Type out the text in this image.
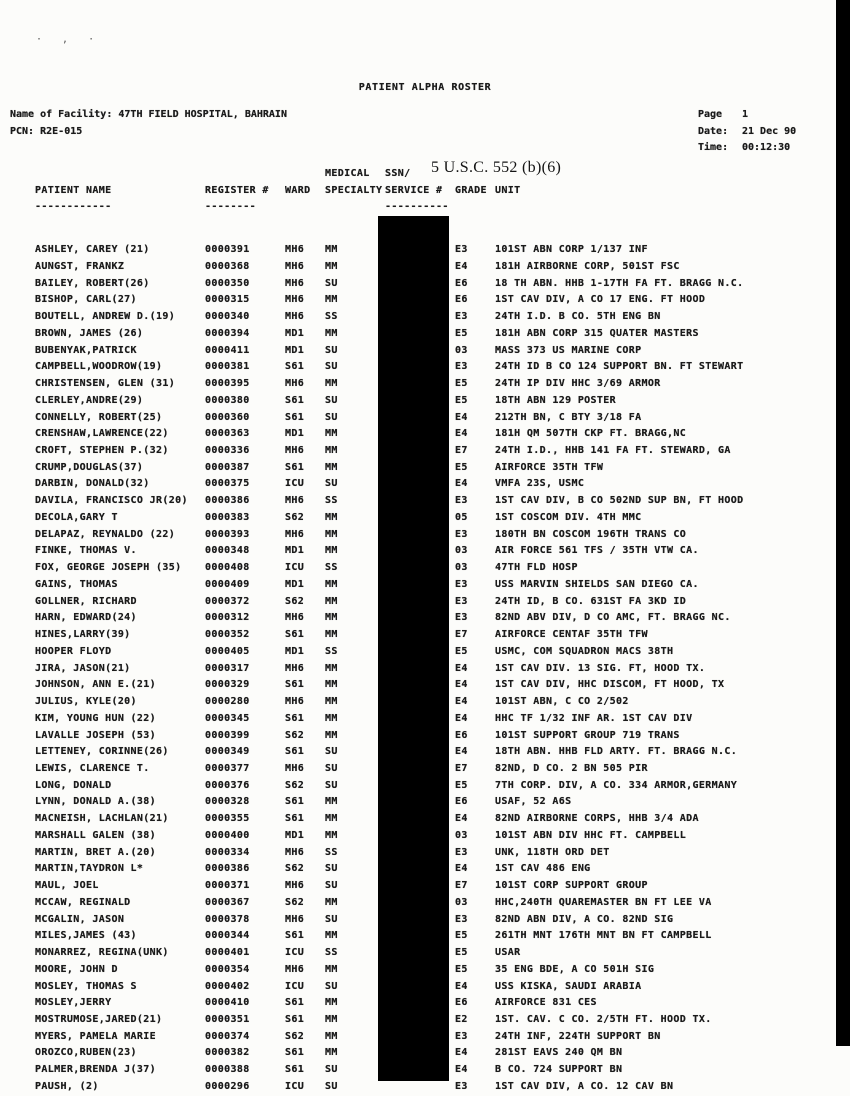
· , ·
PATIENT ALPHA ROSTER
Name of Facility: 47TH FIELD HOSPITAL, BAHRAIN
PCN: R2E-015
Page 1
Date: 21 Dec 90
Time: 00:12:30
5 U.S.C. 552 (b)(6)
MEDICAL	SSN/
PATIENT NAME	REGISTER #	WARD	SPECIALTY SERVICE #	GRADE UNIT
------------	--------	----------
ASHLEY, CAREY (21)	0000391	MH6	MM	E3	101ST ABN CORP 1/137 INF
AUNGST, FRANKZ	0000368	MH6	MM	E4	181H AIRBORNE CORP, 501ST FSC
BAILEY, ROBERT(26)	0000350	MH6	SU	E6	18 TH ABN. HHB 1-17TH FA FT. BRAGG N.C.
BISHOP, CARL(27)	0000315	MH6	MM	E6	1ST CAV DIV, A CO 17 ENG. FT HOOD
BOUTELL, ANDREW D.(19)	0000340	MH6	SS	E3	24TH I.D. B CO. 5TH ENG BN
BROWN, JAMES (26)	0000394	MD1	MM	E5	181H ABN CORP 315 QUATER MASTERS
BUBENYAK,PATRICK	0000411	MD1	SU	03	MASS 373 US MARINE CORP
CAMPBELL,WOODROW(19)	0000381	S61	SU	E3	24TH ID B CO 124 SUPPORT BN. FT STEWART
CHRISTENSEN, GLEN (31)	0000395	MH6	MM	E5	24TH IP DIV HHC 3/69 ARMOR
CLERLEY,ANDRE(29)	0000380	S61	SU	E5	18TH ABN 129 POSTER
CONNELLY, ROBERT(25)	0000360	S61	SU	E4	212TH BN, C BTY 3/18 FA
CRENSHAW,LAWRENCE(22)	0000363	MD1	MM	E4	181H QM 507TH CKP FT. BRAGG,NC
CROFT, STEPHEN P.(32)	0000336	MH6	MM	E7	24TH I.D., HHB 141 FA FT. STEWARD, GA
CRUMP,DOUGLAS(37)	0000387	S61	MM	E5	AIRFORCE 35TH TFW
DARBIN, DONALD(32)	0000375	ICU	SU	E4	VMFA 23S, USMC
DAVILA, FRANCISCO JR(20)	0000386	MH6	SS	E3	1ST CAV DIV, B CO 502ND SUP BN, FT HOOD
DECOLA,GARY T	0000383	S62	MM	05	1ST COSCOM DIV. 4TH MMC
DELAPAZ, REYNALDO (22)	0000393	MH6	MM	E3	180TH BN COSCOM 196TH TRANS CO
FINKE, THOMAS V.	0000348	MD1	MM	03	AIR FORCE 561 TFS / 35TH VTW CA.
FOX, GEORGE JOSEPH (35)	0000408	ICU	SS	03	47TH FLD HOSP
GAINS, THOMAS	0000409	MD1	MM	E3	USS MARVIN SHIELDS SAN DIEGO CA.
GOLLNER, RICHARD	0000372	S62	MM	E3	24TH ID, B CO. 631ST FA 3KD ID
HARN, EDWARD(24)	0000312	MH6	MM	E3	82ND ABV DIV, D CO AMC, FT. BRAGG NC.
HINES,LARRY(39)	0000352	S61	MM	E7	AIRFORCE CENTAF 35TH TFW
HOOPER FLOYD	0000405	MD1	SS	E5	USMC, COM SQUADRON MACS 38TH
JIRA, JASON(21)	0000317	MH6	MM	E4	1ST CAV DIV. 13 SIG. FT, HOOD TX.
JOHNSON, ANN E.(21)	0000329	S61	MM	E4	1ST CAV DIV, HHC DISCOM, FT HOOD, TX
JULIUS, KYLE(20)	0000280	MH6	MM	E4	101ST ABN, C CO 2/502
KIM, YOUNG HUN (22)	0000345	S61	MM	E4	HHC TF 1/32 INF AR. 1ST CAV DIV
LAVALLE JOSEPH (53)	0000399	S62	MM	E6	101ST SUPPORT GROUP 719 TRANS
LETTENEY, CORINNE(26)	0000349	S61	SU	E4	18TH ABN. HHB FLD ARTY. FT. BRAGG N.C.
LEWIS, CLARENCE T.	0000377	MH6	SU	E7	82ND, D CO. 2 BN 505 PIR
LONG, DONALD	0000376	S62	SU	E5	7TH CORP. DIV, A CO. 334 ARMOR,GERMANY
LYNN, DONALD A.(38)	0000328	S61	MM	E6	USAF, 52 A6S
MACNEISH, LACHLAN(21)	0000355	S61	MM	E4	82ND AIRBORNE CORPS, HHB 3/4 ADA
MARSHALL GALEN (38)	0000400	MD1	MM	03	101ST ABN DIV HHC FT. CAMPBELL
MARTIN, BRET A.(20)	0000334	MH6	SS	E3	UNK, 118TH ORD DET
MARTIN,TAYDRON L*	0000386	S62	SU	E4	1ST CAV 486 ENG
MAUL, JOEL	0000371	MH6	SU	E7	101ST CORP SUPPORT GROUP
MCCAW, REGINALD	0000367	S62	MM	03	HHC,240TH QUAREMASTER BN FT LEE VA
MCGALIN, JASON	0000378	MH6	SU	E3	82ND ABN DIV, A CO. 82ND SIG
MILES,JAMES (43)	0000344	S61	MM	E5	261TH MNT 176TH MNT BN FT CAMPBELL
MONARREZ, REGINA(UNK)	0000401	ICU	SS	E5	USAR
MOORE, JOHN D	0000354	MH6	MM	E5	35 ENG BDE, A CO 501H SIG
MOSLEY, THOMAS S	0000402	ICU	SU	E4	USS KISKA, SAUDI ARABIA
MOSLEY,JERRY	0000410	S61	MM	E6	AIRFORCE 831 CES
MOSTRUMOSE,JARED(21)	0000351	S61	MM	E2	1ST. CAV. C CO. 2/5TH FT. HOOD TX.
MYERS, PAMELA MARIE	0000374	S62	MM	E3	24TH INF, 224TH SUPPORT BN
OROZCO,RUBEN(23)	0000382	S61	MM	E4	281ST EAVS 240 QM BN
PALMER,BRENDA J(37)	0000388	S61	SU	E4	B CO. 724 SUPPORT BN
PAUSH, (2)	0000296	ICU	SU	E3	1ST CAV DIV, A CO. 12 CAV BN
